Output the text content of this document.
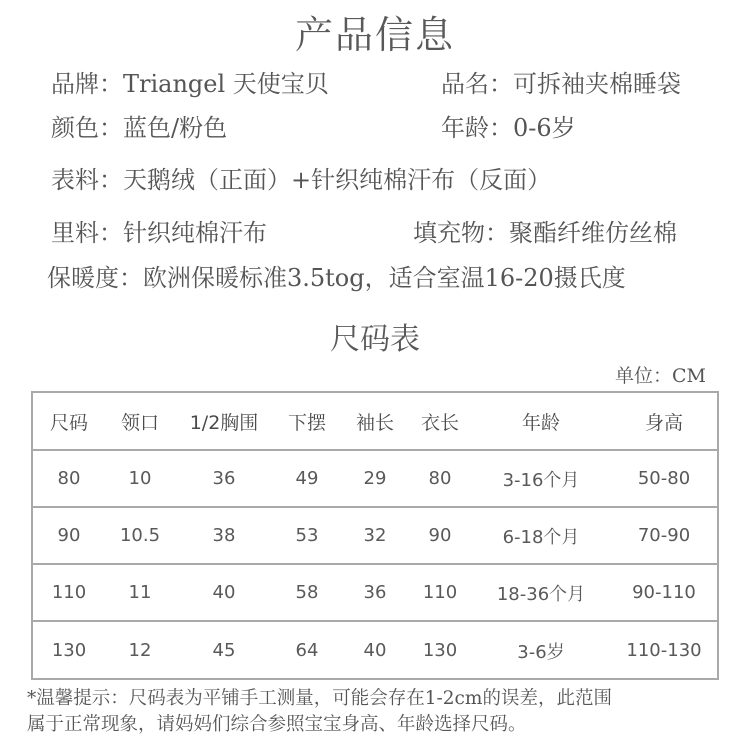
产品信息
品牌：Triangel 天使宝贝	品名：可拆袖夹棉睡袋
颜色：蓝色/粉色	年龄：0-6岁
表料：天鹅绒（正面）+针织纯棉汗布（反面）
里料：针织纯棉汗布	填充物：聚酯纤维仿丝棉
保暖度：欧洲保暖标准3.5tog，适合室温16-20摄氏度
尺码表
单位：CM
尺码	领口	1/2胸围	下摆	袖长	衣长	年龄	身高
80	10	36	49	29	80	3-16个月	50-80
90	10.5	38	53	32	90	6-18个月	70-90
110	11	40	58	36	110	18-36个月	90-110
130	12	45	64	40	130	3-6岁	110-130
*温馨提示：尺码表为平铺手工测量，可能会存在1-2cm的误差，此范围
属于正常现象，请妈妈们综合参照宝宝身高、年龄选择尺码。
